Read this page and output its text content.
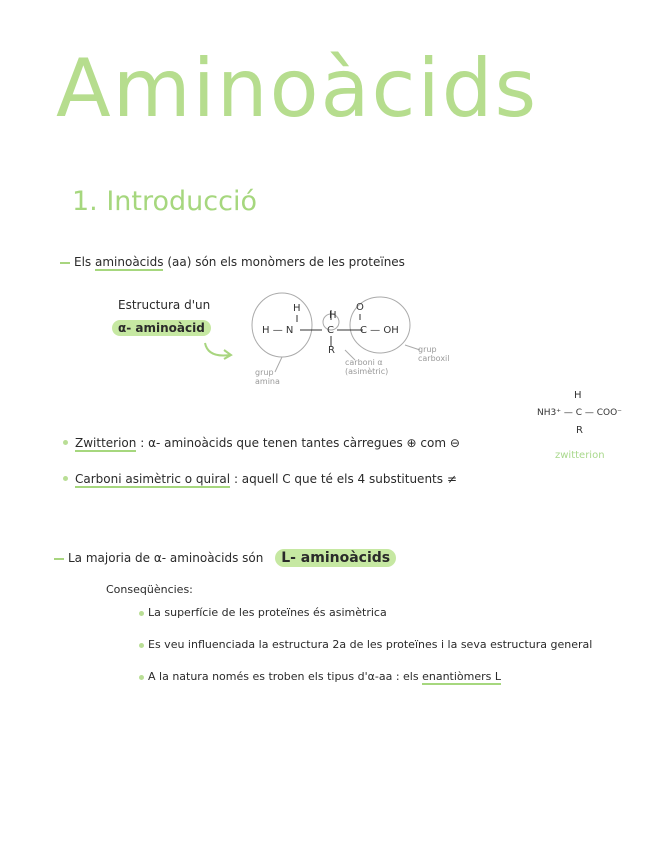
Aminoàcids
1. Introducció
Els aminoàcids (aa) són els monòmers de les proteïnes
Estructura d'un
α- aminoàcid
H
H — N	C
H
O
C — OH
R
grup amina
carboni α (asimètric)
grup carboxil
H
NH3⁺ — C — COO⁻
R
zwitterion
Zwitterion : α- aminoàcids que tenen tantes càrregues ⊕ com ⊖
Carboni asimètric o quiral : aquell C que té els 4 substituents ≠
La majoria de α- aminoàcids són L- aminoàcids
Conseqüències:
La superfície de les proteïnes és asimètrica
Es veu influenciada la estructura 2a de les proteïnes i la seva estructura general
A la natura només es troben els tipus d'α-aa : els enantiòmers L
